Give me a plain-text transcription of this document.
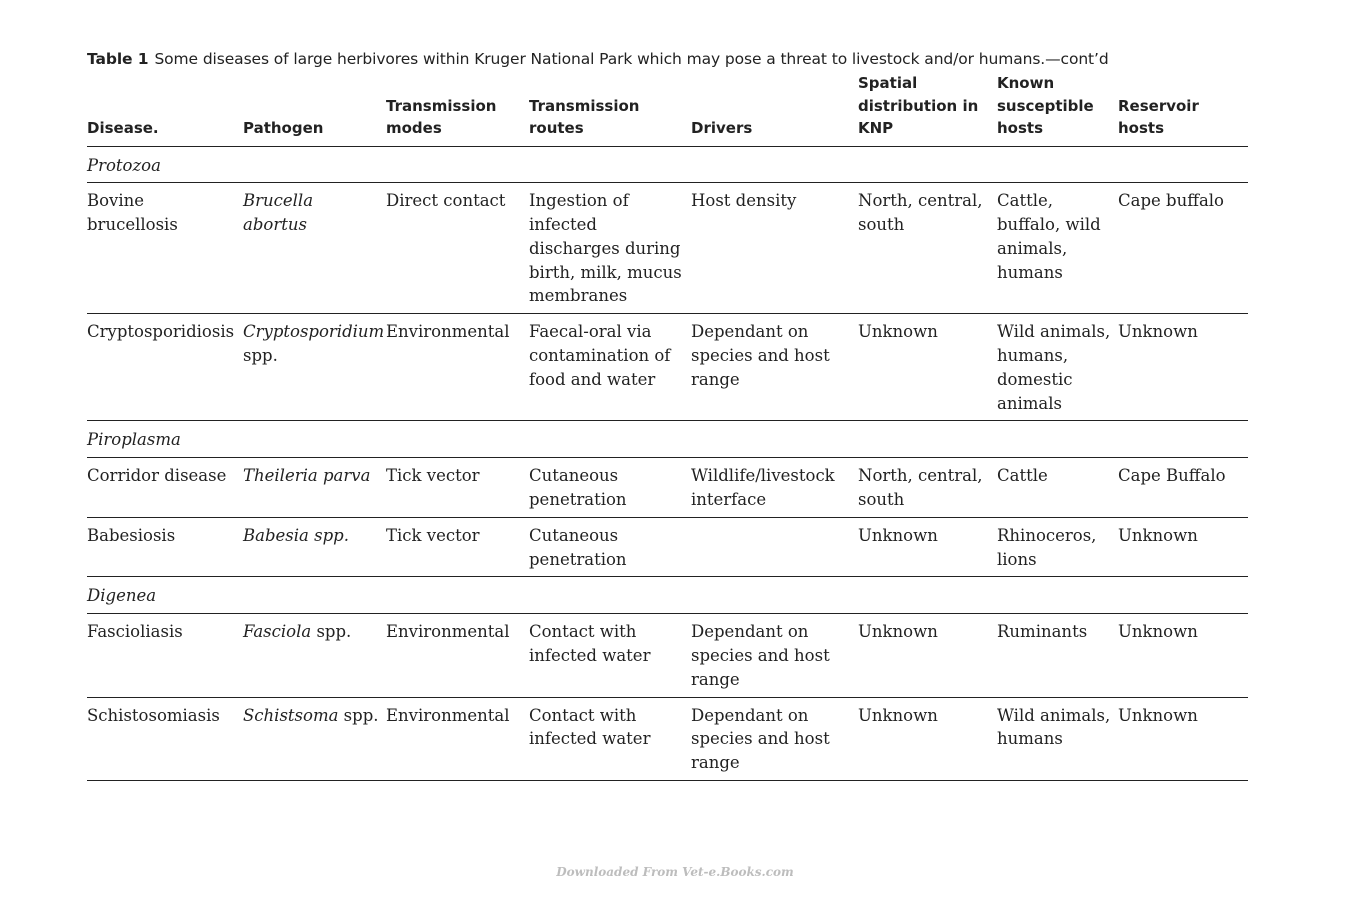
Table 1 Some diseases of large herbivores within Kruger National Park which may pose a threat to livestock and/or humans.—cont’d
Disease.	Pathogen	Transmission modes	Transmission routes	Drivers	Spatial distribution in KNP	Known susceptible hosts	Reservoir hosts
Protozoa							
Bovine brucellosis	Brucella abortus	Direct contact	Ingestion of infected discharges during birth, milk, mucus membranes	Host density	North, central, south	Cattle, buffalo, wild animals, humans	Cape buffalo
Cryptosporidiosis	Cryptosporidium spp.	Environmental	Faecal-oral via contamination of food and water	Dependant on species and host range	Unknown	Wild animals, humans, domestic animals	Unknown
Piroplasma							
Corridor disease	Theileria parva	Tick vector	Cutaneous penetration	Wildlife/livestock interface	North, central, south	Cattle	Cape Buffalo
Babesiosis	Babesia spp.	Tick vector	Cutaneous penetration		Unknown	Rhinoceros, lions	Unknown
Digenea							
Fascioliasis	Fasciola spp.	Environmental	Contact with infected water	Dependant on species and host range	Unknown	Ruminants	Unknown
Schistosomiasis	Schistsoma spp.	Environmental	Contact with infected water	Dependant on species and host range	Unknown	Wild animals, humans	Unknown
Downloaded From Vet-e.Books.com
